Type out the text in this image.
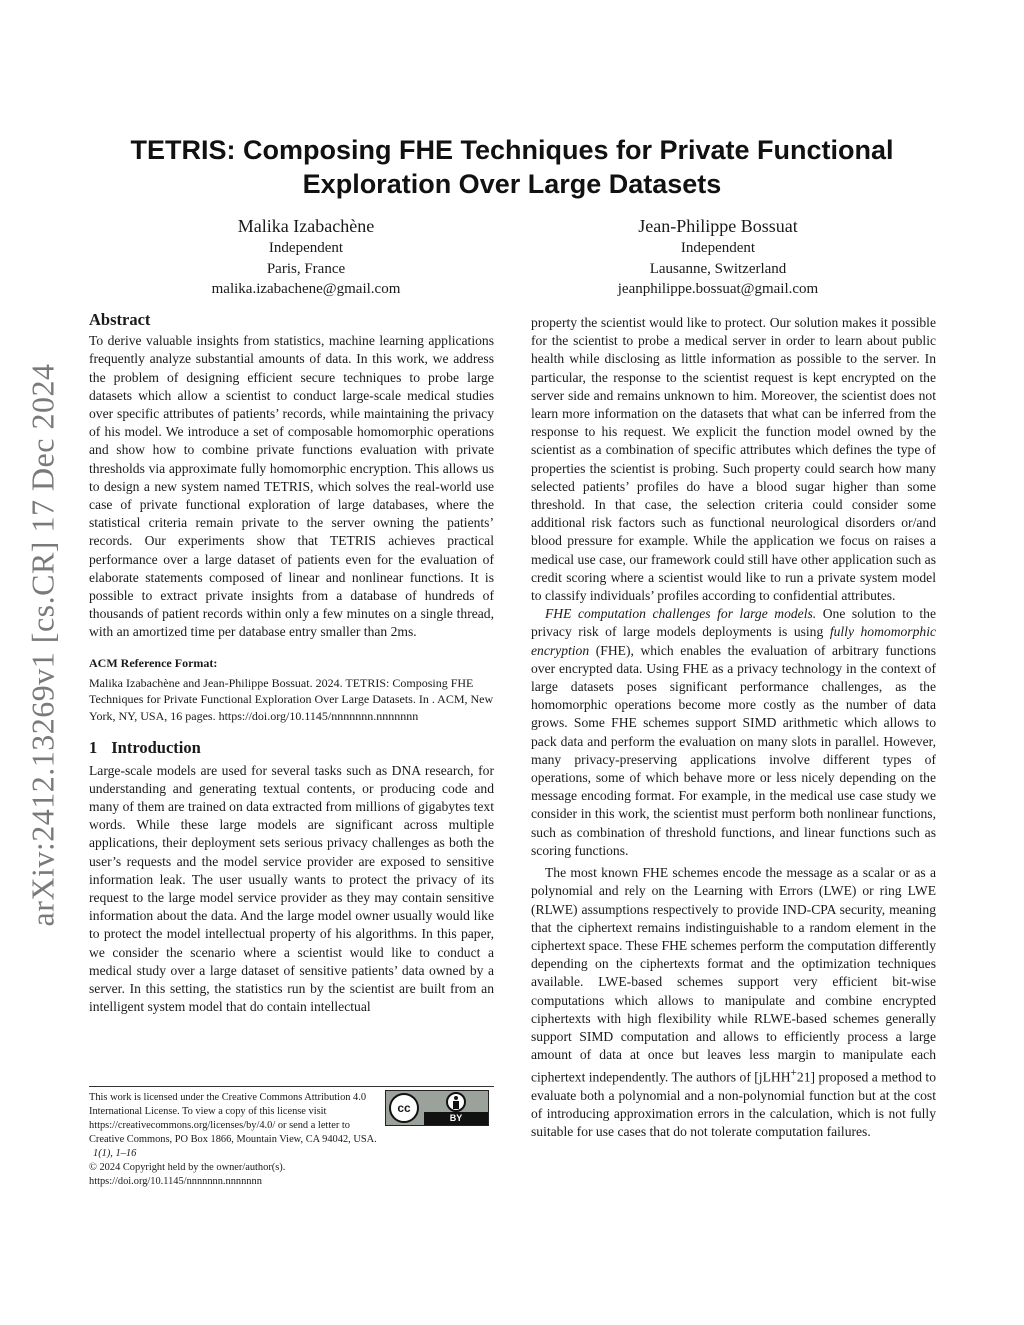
arXiv:2412.13269v1 [cs.CR] 17 Dec 2024
TETRIS: Composing FHE Techniques for Private Functional Exploration Over Large Datasets
Malika Izabachène
Independent
Paris, France
malika.izabachene@gmail.com
Jean-Philippe Bossuat
Independent
Lausanne, Switzerland
jeanphilippe.bossuat@gmail.com
Abstract

To derive valuable insights from statistics, machine learning applications frequently analyze substantial amounts of data. In this work, we address the problem of designing efficient secure techniques to probe large datasets which allow a scientist to conduct large-scale medical studies over specific attributes of patients’ records, while maintaining the privacy of his model. We introduce a set of composable homomorphic operations and show how to combine private functions evaluation with private thresholds via approximate fully homomorphic encryption. This allows us to design a new system named TETRIS, which solves the real-world use case of private functional exploration of large databases, where the statistical criteria remain private to the server owning the patients’ records. Our experiments show that TETRIS achieves practical performance over a large dataset of patients even for the evaluation of elaborate statements composed of linear and nonlinear functions. It is possible to extract private insights from a database of hundreds of thousands of patient records within only a few minutes on a single thread, with an amortized time per database entry smaller than 2ms.

ACM Reference Format:

Malika Izabachène and Jean-Philippe Bossuat. 2024. TETRIS: Composing FHE Techniques for Private Functional Exploration Over Large Datasets. In . ACM, New York, NY, USA, 16 pages. https://doi.org/10.1145/nnnnnnn.nnnnnnn

1 Introduction

Large-scale models are used for several tasks such as DNA research, for understanding and generating textual contents, or producing code and many of them are trained on data extracted from millions of gigabytes text words. While these large models are significant across multiple applications, their deployment sets serious privacy challenges as both the user’s requests and the model service provider are exposed to sensitive information leak. The user usually wants to protect the privacy of its request to the large model service provider as they may contain sensitive information about the data. And the large model owner usually would like to protect the model intellectual property of his algorithms. In this paper, we consider the scenario where a scientist would like to conduct a medical study over a large dataset of sensitive patients’ data owned by a server. In this setting, the statistics run by the scientist are built from an intelligent system model that do contain intellectual

property the scientist would like to protect. Our solution makes it possible for the scientist to probe a medical server in order to learn about public health while disclosing as little information as possible to the server. In particular, the response to the scientist request is kept encrypted on the server side and remains unknown to him. Moreover, the scientist does not learn more information on the datasets that what can be inferred from the response to his request. We explicit the function model owned by the scientist as a combination of specific attributes which defines the type of properties the scientist is probing. Such property could search how many selected patients’ profiles do have a blood sugar higher than some threshold. In that case, the selection criteria could consider some additional risk factors such as functional neurological disorders or/and blood pressure for example. While the application we focus on raises a medical use case, our framework could still have other application such as credit scoring where a scientist would like to run a private system model to classify individuals’ profiles according to confidential attributes.

FHE computation challenges for large models. One solution to the privacy risk of large models deployments is using fully homomorphic encryption (FHE), which enables the evaluation of arbitrary functions over encrypted data. Using FHE as a privacy technology in the context of large datasets poses significant performance challenges, as the homomorphic operations become more costly as the number of data grows. Some FHE schemes support SIMD arithmetic which allows to pack data and perform the evaluation on many slots in parallel. However, many privacy-preserving applications involve different types of operations, some of which behave more or less nicely depending on the message encoding format. For example, in the medical use case study we consider in this work, the scientist must perform both nonlinear functions, such as combination of threshold functions, and linear functions such as scoring functions.

The most known FHE schemes encode the message as a scalar or as a polynomial and rely on the Learning with Errors (LWE) or ring LWE (RLWE) assumptions respectively to provide IND-CPA security, meaning that the ciphertext remains indistinguishable to a random element in the ciphertext space. These FHE schemes perform the computation differently depending on the ciphertexts format and the optimization techniques available. LWE-based schemes support very efficient bit-wise computations which allows to manipulate and combine encrypted ciphertexts with high flexibility while RLWE-based schemes generally support SIMD computation and allows to efficiently process a large amount of data at once but leaves less margin to manipulate each ciphertext independently. The authors of [jLHH+21] proposed a method to evaluate both a polynomial and a non-polynomial function but at the cost of introducing approximation errors in the calculation, which is not fully suitable for use cases that do not tolerate computation failures.

This work is licensed under the Creative Commons Attribution 4.0 International License. To view a copy of this license visit https://creativecommons.org/licenses/by/4.0/ or send a letter to Creative Commons, PO Box 1866, Mountain View, CA 94042, USA.
1(1), 1–16
© 2024 Copyright held by the owner/author(s).
https://doi.org/10.1145/nnnnnnn.nnnnnnn
cc
BY
